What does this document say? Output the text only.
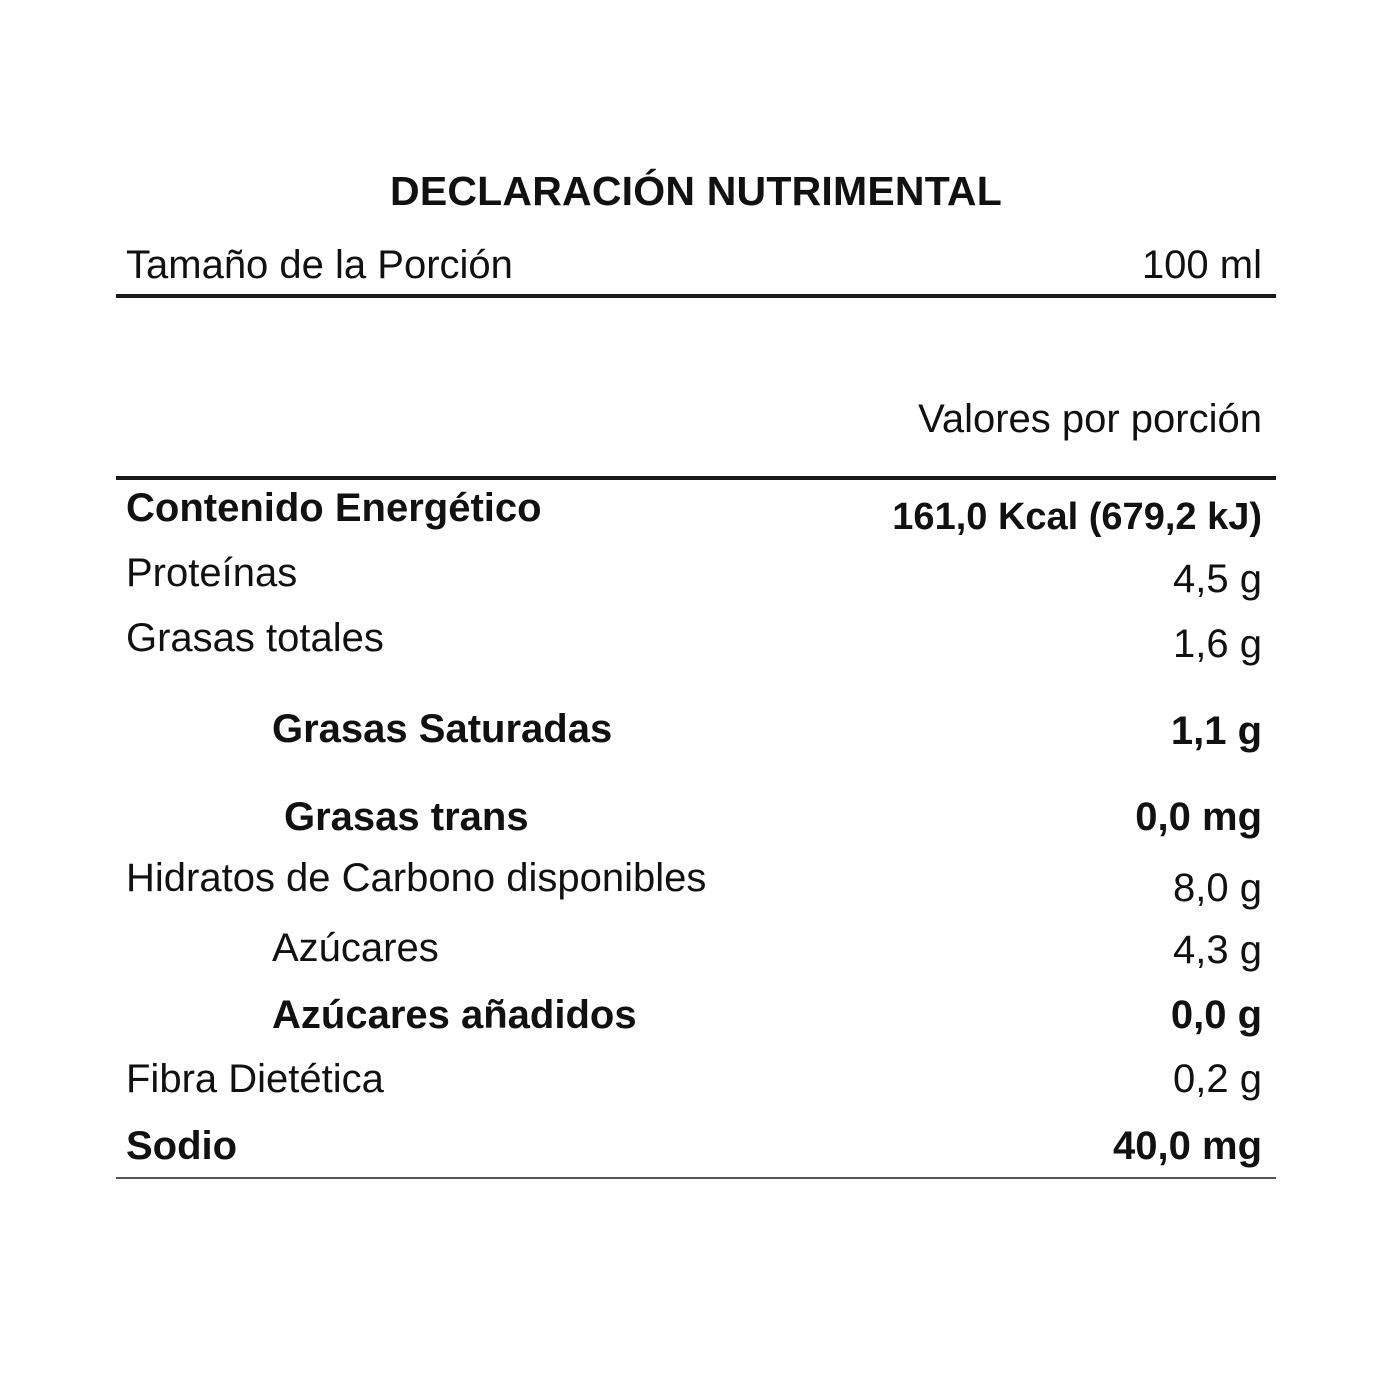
DECLARACIÓN NUTRIMENTAL
Tamaño de la Porción	100 ml
Valores por porción
Contenido Energético	161,0 Kcal (679,2 kJ)
Proteínas	4,5 g
Grasas totales	1,6 g
Grasas Saturadas	1,1 g
Grasas trans	0,0 mg
Hidratos de Carbono disponibles	8,0 g
Azúcares	4,3 g
Azúcares añadidos	0,0 g
Fibra Dietética	0,2 g
Sodio	40,0 mg
